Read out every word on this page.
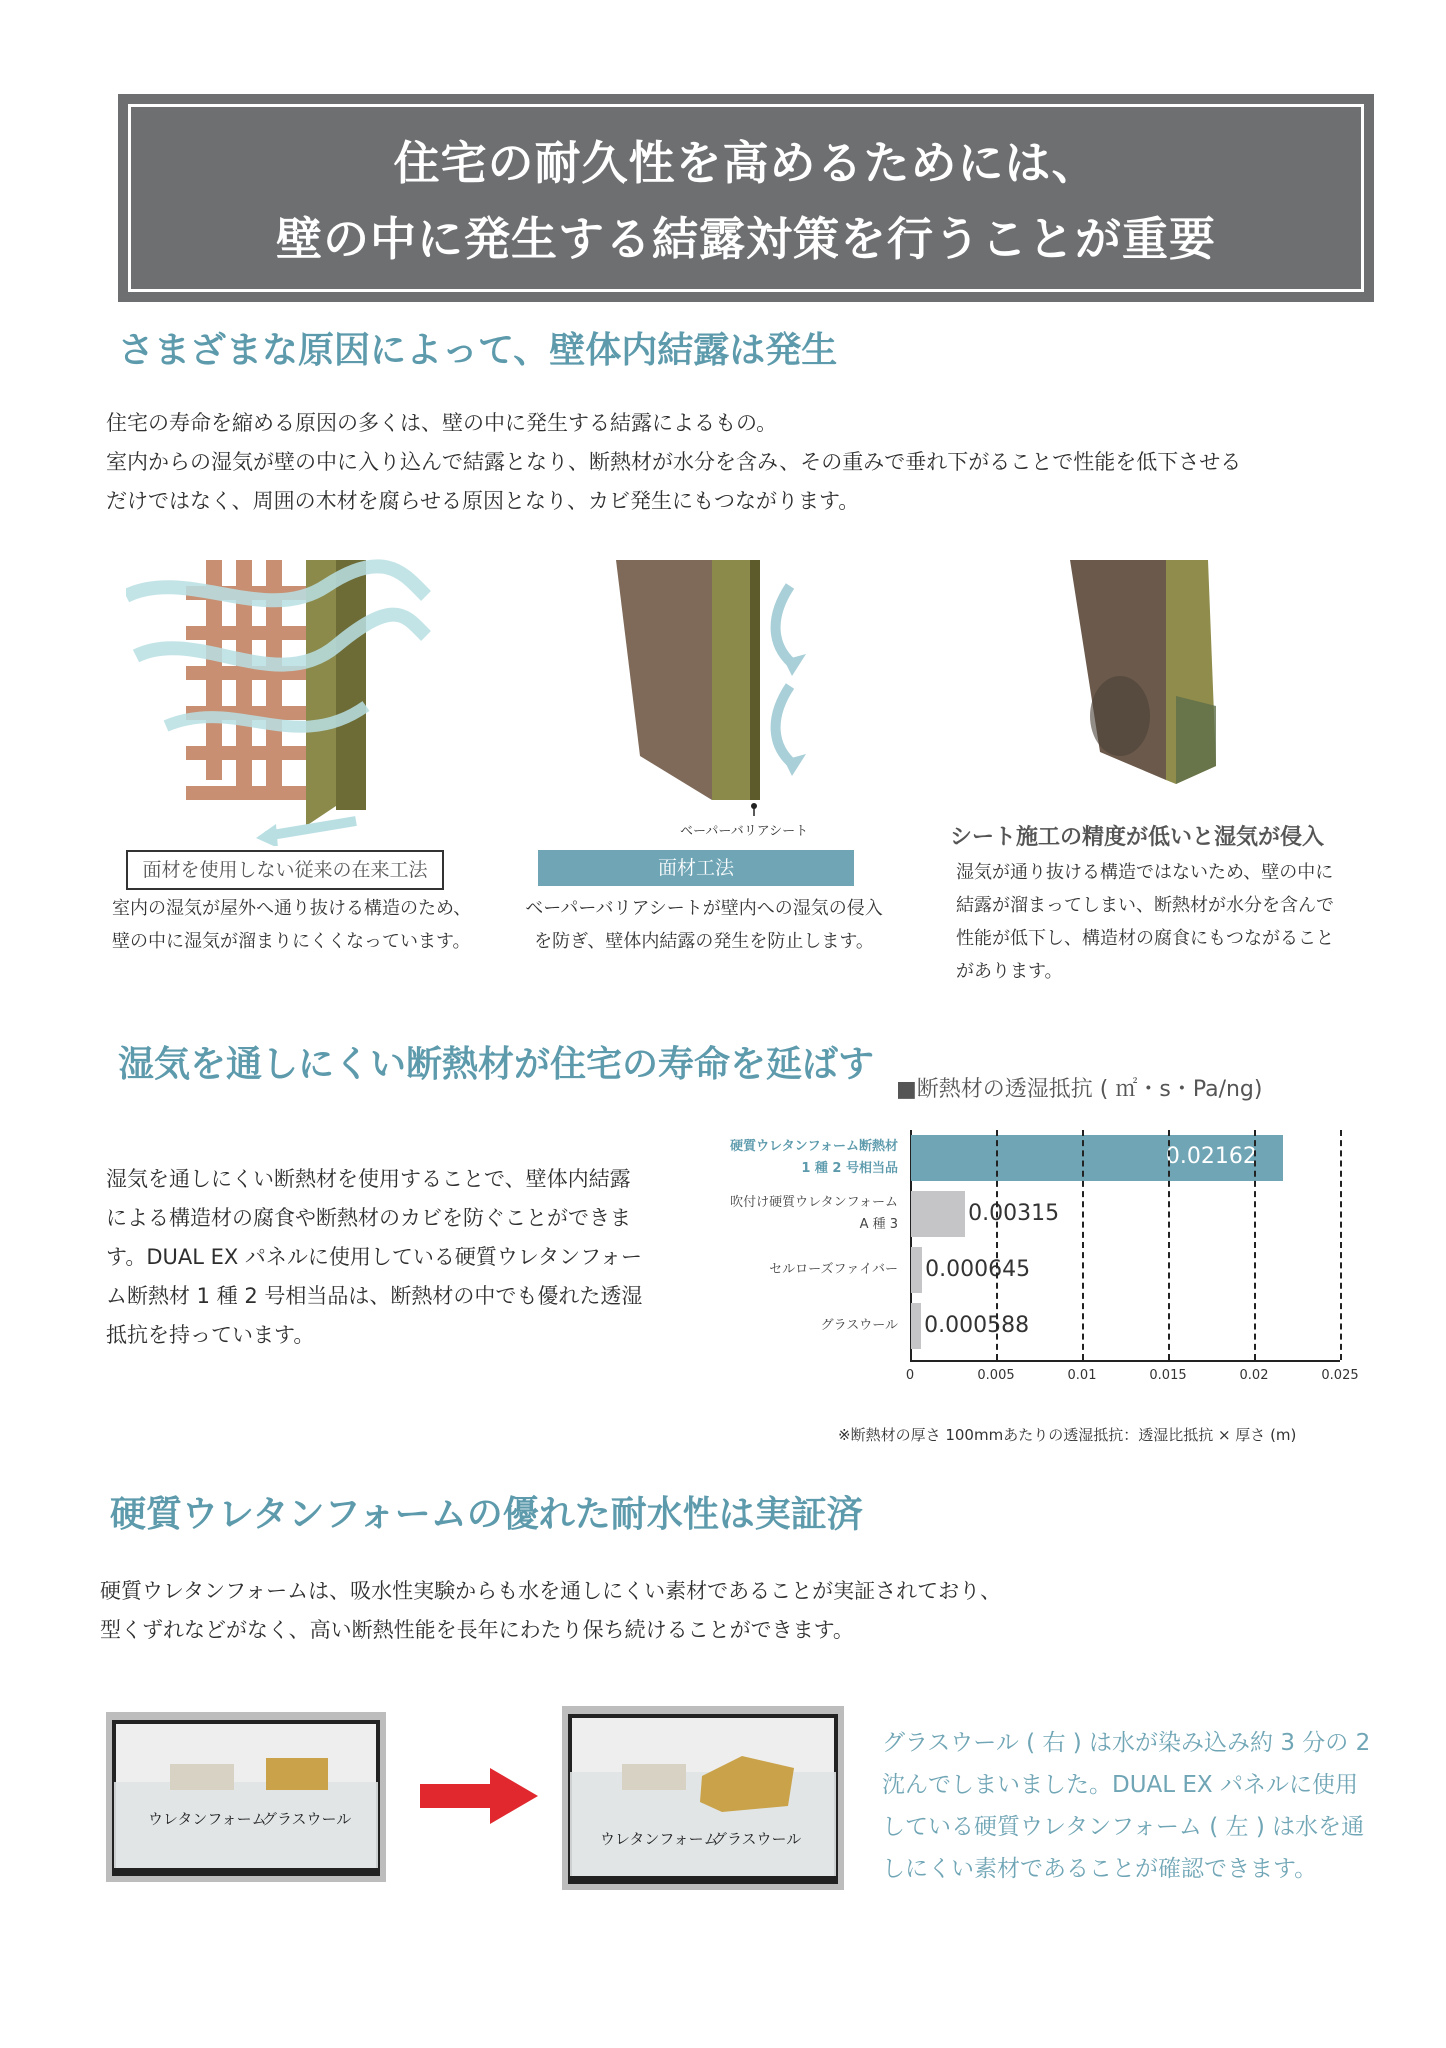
住宅の耐久性を高めるためには、
壁の中に発生する結露対策を行うことが重要
さまざまな原因によって、壁体内結露は発生
住宅の寿命を縮める原因の多くは、壁の中に発生する結露によるもの。
室内からの湿気が壁の中に入り込んで結露となり、断熱材が水分を含み、その重みで垂れ下がることで性能を低下させる
だけではなく、周囲の木材を腐らせる原因となり、カビ発生にもつながります。
面材を使用しない従来の在来工法
室内の湿気が屋外へ通り抜ける構造のため、
壁の中に湿気が溜まりにくくなっています。
ベーパーバリアシート
面材工法
ベーパーバリアシートが壁内への湿気の侵入
を防ぎ、壁体内結露の発生を防止します。
シート施工の精度が低いと湿気が侵入
湿気が通り抜ける構造ではないため、壁の中に
結露が溜まってしまい、断熱材が水分を含んで
性能が低下し、構造材の腐食にもつながること
があります。
湿気を通しにくい断熱材が住宅の寿命を延ばす
湿気を通しにくい断熱材を使用することで、壁体内結露
による構造材の腐食や断熱材のカビを防ぐことができま
す。DUAL EX パネルに使用している硬質ウレタンフォー
ム断熱材 1 種 2 号相当品は、断熱材の中でも優れた透湿
抵抗を持っています。
■断熱材の透湿抵抗 ( ㎡・s・Pa/ng)
0.02162
硬質ウレタンフォーム断熱材
1 種 2 号相当品
0.00315
吹付け硬質ウレタンフォーム
A 種 3
0.000645
セルローズファイバー
0.000588
グラスウール
0	0.005	0.01	0.015	0.02	0.025
※断熱材の厚さ 100mmあたりの透湿抵抗：透湿比抵抗 × 厚さ (m)
硬質ウレタンフォームの優れた耐水性は実証済
硬質ウレタンフォームは、吸水性実験からも水を通しにくい素材であることが実証されており、
型くずれなどがなく、高い断熱性能を長年にわたり保ち続けることができます。
ウレタンフォーム
グラスウール
ウレタンフォーム
グラスウール
グラスウール ( 右 ) は水が染み込み約 3 分の 2
沈んでしまいました。DUAL EX パネルに使用
している硬質ウレタンフォーム ( 左 ) は水を通
しにくい素材であることが確認できます。
